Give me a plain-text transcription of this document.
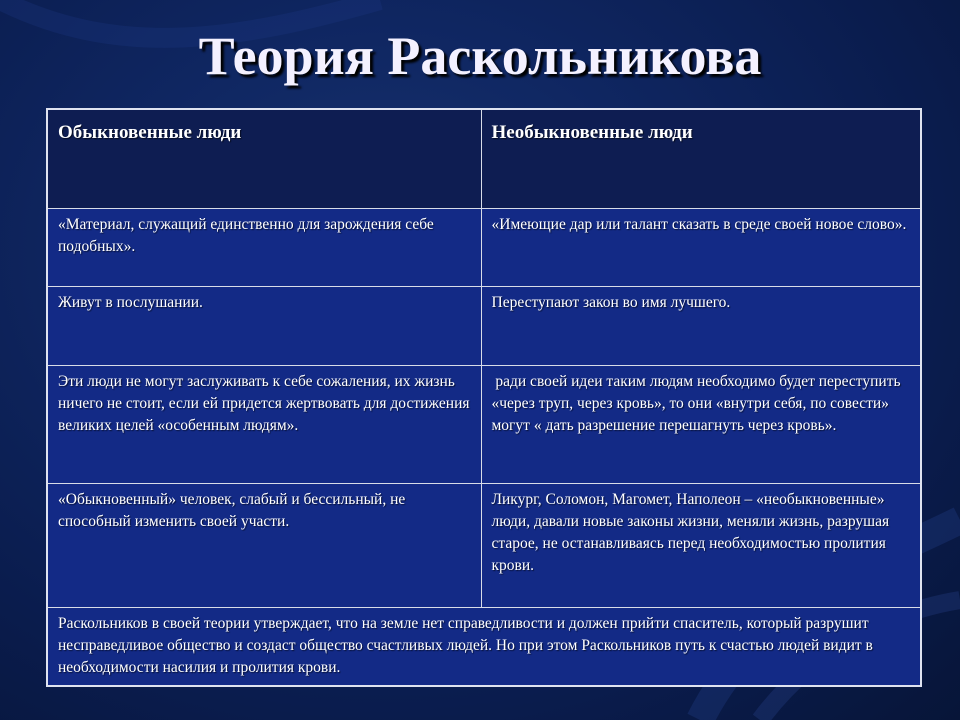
Теория Раскольникова
Обыкновенные люди	Необыкновенные люди
«Материал, служащий единственно для зарождения себе подобных».	«Имеющие дар или талант сказать в среде своей новое слово».
Живут в послушании.	Переступают закон во имя лучшего.
Эти люди не могут заслуживать к себе сожаления, их жизнь ничего не стоит, если ей придется жертвовать для достижения великих целей «особенным людям».	ради своей идеи таким людям необходимо будет переступить «через труп, через кровь», то они «внутри себя, по совести» могут « дать разрешение перешагнуть через кровь».
«Обыкновенный» человек, слабый и бессильный, не способный изменить своей участи.	Ликург, Соломон, Магомет, Наполеон – «необыкновенные» люди, давали новые законы жизни, меняли жизнь, разрушая старое, не останавливаясь перед необходимостью пролития крови.
Раскольников в своей теории утверждает, что на земле нет справедливости и должен прийти спаситель, который разрушит несправедливое общество и создаст общество счастливых людей. Но при этом Раскольников путь к счастью людей видит в необходимости насилия и пролития крови.	
